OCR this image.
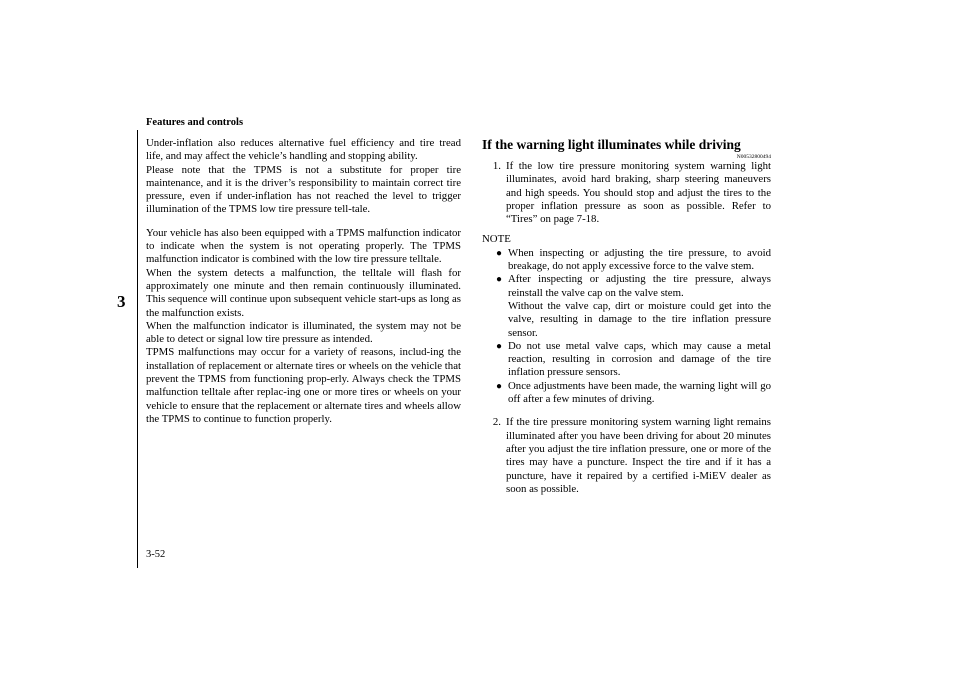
Features and controls
3

Under-inflation also reduces alternative fuel efficiency and tire tread life, and may affect the vehicle’s handling and stopping ability.

Please note that the TPMS is not a substitute for proper tire maintenance, and it is the driver’s responsibility to maintain correct tire pressure, even if under-inflation has not reached the level to trigger illumination of the TPMS low tire pressure tell-tale.

Your vehicle has also been equipped with a TPMS malfunction indicator to indicate when the system is not operating properly. The TPMS malfunction indicator is combined with the low tire pressure telltale.

When the system detects a malfunction, the telltale will flash for approximately one minute and then remain continuously illuminated. This sequence will continue upon subsequent vehicle start-ups as long as the malfunction exists.

When the malfunction indicator is illuminated, the system may not be able to detect or signal low tire pressure as intended.

TPMS malfunctions may occur for a variety of reasons, includ-ing the installation of replacement or alternate tires or wheels on the vehicle that prevent the TPMS from functioning prop-erly. Always check the TPMS malfunction telltale after replac-ing one or more tires or wheels on your vehicle to ensure that the replacement or alternate tires and wheels allow the TPMS to continue to function properly.

If the warning light illuminates while driving
N00532800494
1. If the low tire pressure monitoring system warning light illuminates, avoid hard braking, sharp steering maneuvers and high speeds. You should stop and adjust the tires to the proper inflation pressure as soon as possible. Refer to “Tires” on page 7-18.
NOTE
● When inspecting or adjusting the tire pressure, to avoid breakage, do not apply excessive force to the valve stem.
● After inspecting or adjusting the tire pressure, always reinstall the valve cap on the valve stem.
Without the valve cap, dirt or moisture could get into the valve, resulting in damage to the tire inflation pressure sensor.
● Do not use metal valve caps, which may cause a metal reaction, resulting in corrosion and damage of the tire inflation pressure sensors.
● Once adjustments have been made, the warning light will go off after a few minutes of driving.
2. If the tire pressure monitoring system warning light remains illuminated after you have been driving for about 20 minutes after you adjust the tire inflation pressure, one or more of the tires may have a puncture. Inspect the tire and if it has a puncture, have it repaired by a certified i-MiEV dealer as soon as possible.
3-52
